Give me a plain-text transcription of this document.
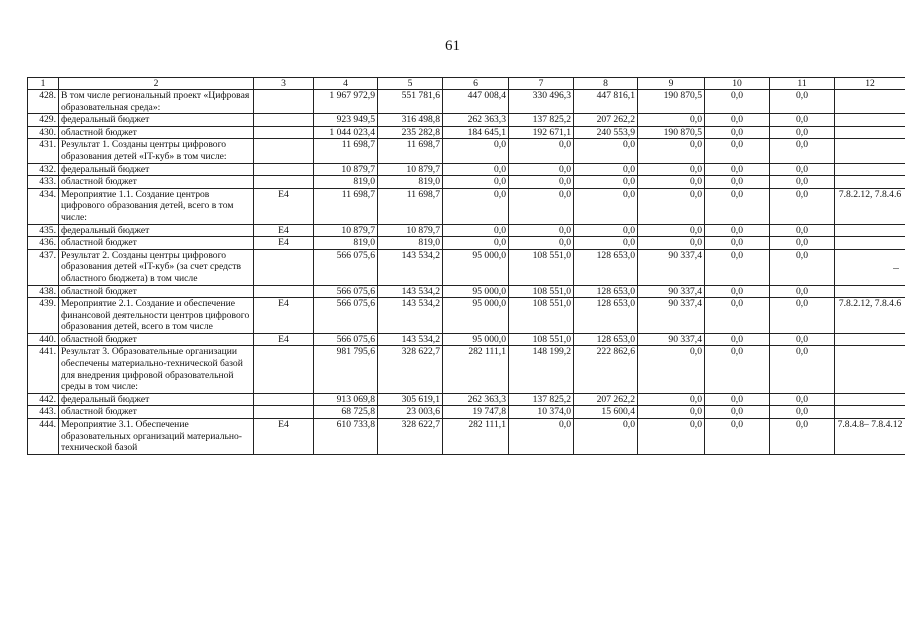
61
1	2	3	4	5	6	7	8	9	10	11	12
428.	В том числе региональный проект «Цифровая образовательная среда»:		1 967 972,9	551 781,6	447 008,4	330 496,3	447 816,1	190 870,5	0,0	0,0	
429.	федеральный бюджет		923 949,5	316 498,8	262 363,3	137 825,2	207 262,2	0,0	0,0	0,0	
430.	областной бюджет		1 044 023,4	235 282,8	184 645,1	192 671,1	240 553,9	190 870,5	0,0	0,0	
431.	Результат 1. Созданы центры цифрового образования детей «IT-куб» в том числе:		11 698,7	11 698,7	0,0	0,0	0,0	0,0	0,0	0,0	
432.	федеральный бюджет		10 879,7	10 879,7	0,0	0,0	0,0	0,0	0,0	0,0	
433.	областной бюджет		819,0	819,0	0,0	0,0	0,0	0,0	0,0	0,0	
434.	Мероприятие 1.1. Создание центров цифрового образования детей, всего в том числе:	Е4	11 698,7	11 698,7	0,0	0,0	0,0	0,0	0,0	0,0	7.8.2.12, 7.8.4.6
435.	федеральный бюджет	Е4	10 879,7	10 879,7	0,0	0,0	0,0	0,0	0,0	0,0	
436.	областной бюджет	Е4	819,0	819,0	0,0	0,0	0,0	0,0	0,0	0,0	
437.	Результат 2. Созданы центры цифрового образования детей «IT-куб» (за счет средств областного бюджета) в том числе		566 075,6	143 534,2	95 000,0	108 551,0	128 653,0	90 337,4	0,0	0,0	
438.	областной бюджет		566 075,6	143 534,2	95 000,0	108 551,0	128 653,0	90 337,4	0,0	0,0	
439.	Мероприятие 2.1. Создание и обеспечение финансовой деятельности центров цифрового образования детей, всего в том числе	Е4	566 075,6	143 534,2	95 000,0	108 551,0	128 653,0	90 337,4	0,0	0,0	7.8.2.12, 7.8.4.6
440.	областной бюджет	Е4	566 075,6	143 534,2	95 000,0	108 551,0	128 653,0	90 337,4	0,0	0,0	
441.	Результат 3. Образовательные организации обеспечены материально-технической базой для внедрения цифровой образовательной среды в том числе:		981 795,6	328 622,7	282 111,1	148 199,2	222 862,6	0,0	0,0	0,0	
442.	федеральный бюджет		913 069,8	305 619,1	262 363,3	137 825,2	207 262,2	0,0	0,0	0,0	
443.	областной бюджет		68 725,8	23 003,6	19 747,8	10 374,0	15 600,4	0,0	0,0	0,0	
444.	Мероприятие 3.1. Обеспечение образовательных организаций материально-технической базой	Е4	610 733,8	328 622,7	282 111,1	0,0	0,0	0,0	0,0	0,0	7.8.4.8– 7.8.4.12
